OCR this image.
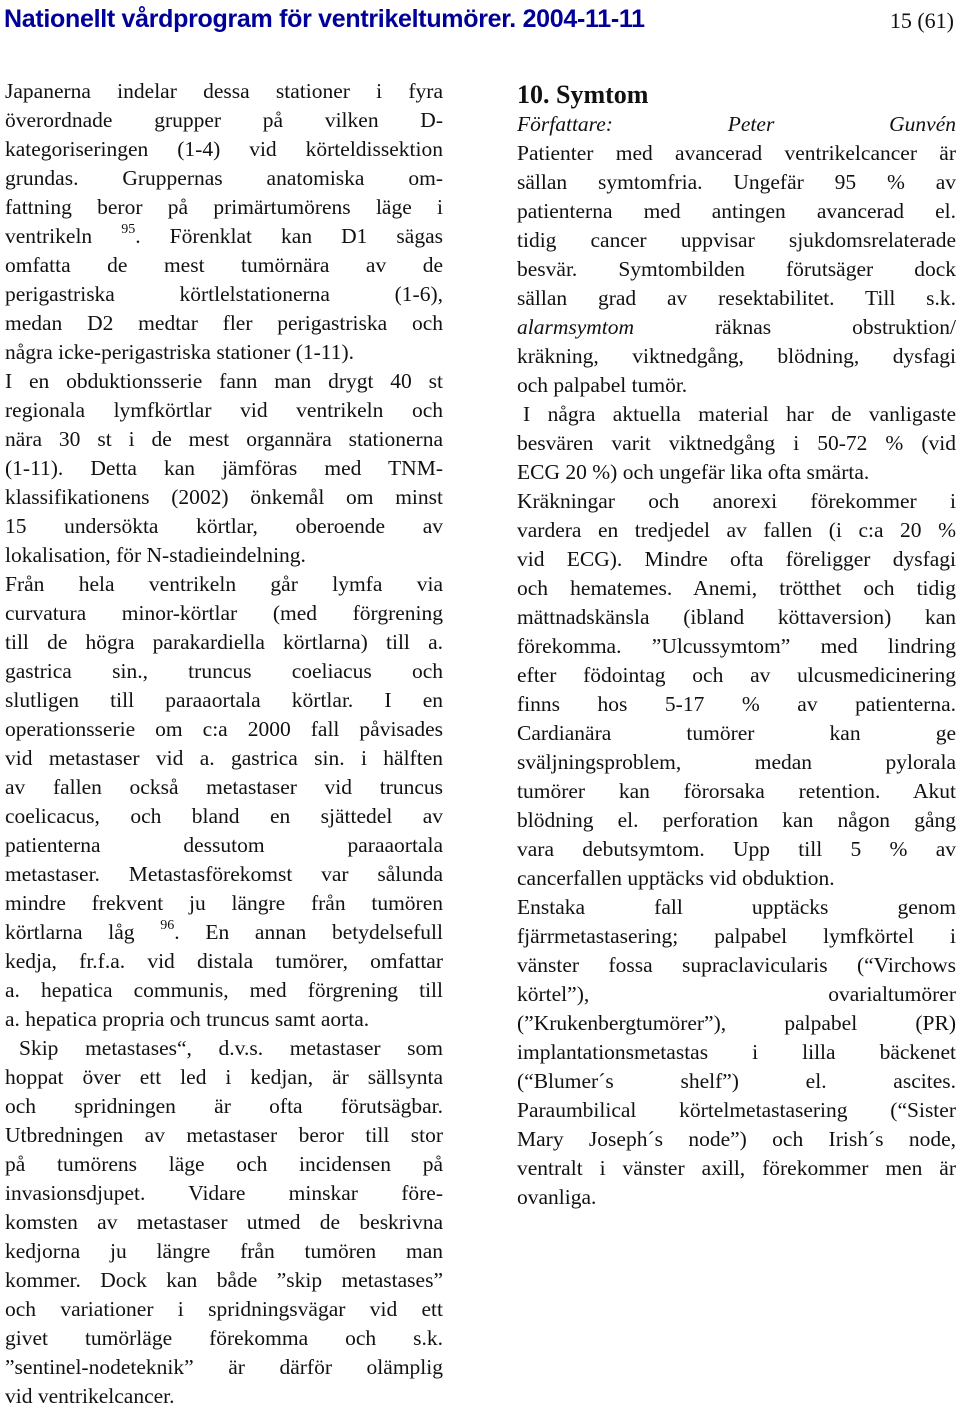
Nationellt vårdprogram för ventrikeltumörer. 2004-11-11	15 (61)

Japanerna indelar dessa stationer i fyra

överordnade grupper på vilken D-

kategoriseringen (1-4) vid körteldissektion

grundas. Gruppernas anatomiska om-

fattning beror på primärtumörens läge i

ventrikeln $^{95}$. Förenklat kan D1 sägas

omfatta de mest tumörnära av de

perigastriska körtlelstationerna (1-6),

medan D2 medtar fler perigastriska och

några icke-perigastriska stationer (1-11).

I en obduktionsserie fann man drygt 40 st

regionala lymfkörtlar vid ventrikeln och

nära 30 st i de mest organnära stationerna

(1-11). Detta kan jämföras med TNM-

klassifikationens (2002) önkemål om minst

15 undersökta körtlar, oberoende av

lokalisation, för N-stadieindelning.

Från hela ventrikeln går lymfa via

curvatura minor-körtlar (med förgrening

till de högra parakardiella körtlarna) till a.

gastrica sin., truncus coeliacus och

slutligen till paraaortala körtlar. I en

operationsserie om c:a 2000 fall påvisades

vid metastaser vid a. gastrica sin. i hälften

av fallen också metastaser vid truncus

coelicacus, och bland en sjättedel av

patienterna dessutom paraaortala

metastaser. Metastasförekomst var sålunda

mindre frekvent ju längre från tumören

körtlarna låg $^{96}$. En annan betydelsefull

kedja, fr.f.a. vid distala tumörer, omfattar

a. hepatica communis, med förgrening till

a. hepatica propria och truncus samt aorta.

Skip metastases“, d.v.s. metastaser som

hoppat över ett led i kedjan, är sällsynta

och spridningen är ofta förutsägbar.

Utbredningen av metastaser beror till stor

på tumörens läge och incidensen på

invasionsdjupet. Vidare minskar före-

komsten av metastaser utmed de beskrivna

kedjorna ju längre från tumören man

kommer. Dock kan både ”skip metastases”

och variationer i spridningsvägar vid ett

givet tumörläge förekomma och s.k.

”sentinel-nodeteknik” är därför olämplig

vid ventrikelcancer.

10. Symtom

Författare: Peter Gunvén

Patienter med avancerad ventrikelcancer är

sällan symtomfria. Ungefär 95 % av

patienterna med antingen avancerad el.

tidig cancer uppvisar sjukdomsrelaterade

besvär. Symtombilden förutsäger dock

sällan grad av resektabilitet. Till s.k.

alarmsymtom	räknas obstruktion/

kräkning, viktnedgång, blödning, dysfagi

och palpabel tumör.

I några aktuella material har de vanligaste

besvären varit viktnedgång i 50-72 % (vid

ECG 20 %) och ungefär lika ofta smärta.

Kräkningar och anorexi förekommer i

vardera en tredjedel av fallen (i c:a 20 %

vid ECG). Mindre ofta föreligger dysfagi

och hematemes. Anemi, trötthet och tidig

mättnadskänsla (ibland köttaversion) kan

förekomma. ”Ulcussymtom” med lindring

efter födointag och av ulcusmedicinering

finns hos 5-17 % av patienterna.

Cardianära tumörer kan ge

sväljningsproblem, medan pylorala

tumörer kan förorsaka retention. Akut

blödning el. perforation kan någon gång

vara debutsymtom. Upp till 5 % av

cancerfallen upptäcks vid obduktion.

Enstaka fall upptäcks genom

fjärrmetastasering; palpabel lymfkörtel i

vänster fossa supraclavicularis (“Virchows

körtel”), ovarialtumörer

(”Krukenbergtumörer”), palpabel (PR)

implantationsmetastas i lilla bäckenet

(“Blumer´s shelf”) el. ascites.

Paraumbilical körtelmetastasering (“Sister

Mary Joseph´s node”) och Irish´s node,

ventralt i vänster axill, förekommer men är

ovanliga.
